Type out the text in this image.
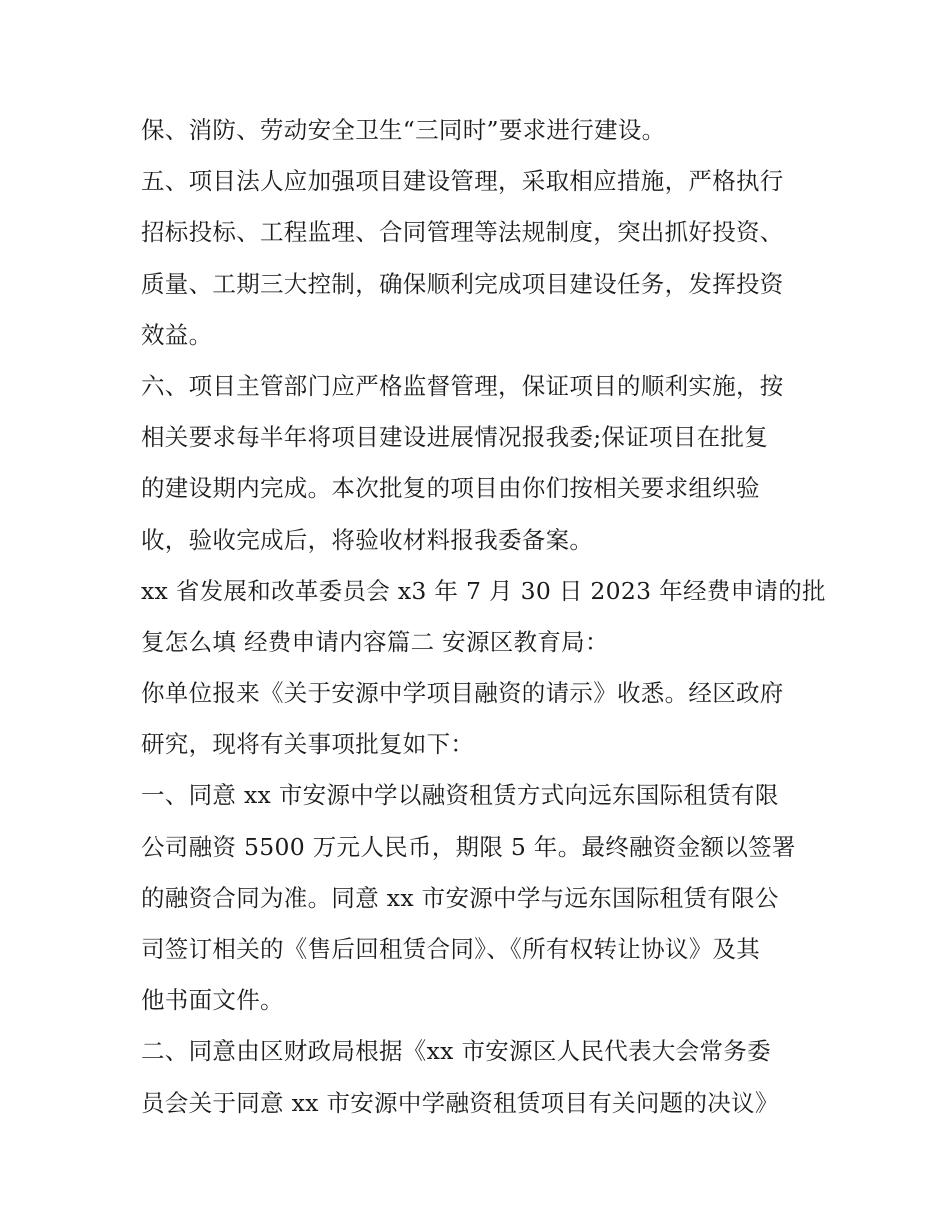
保、消防、劳动安全卫生“三同时”要求进行建设。
五、项目法人应加强项目建设管理，采取相应措施，严格执行
招标投标、工程监理、合同管理等法规制度，突出抓好投资、
质量、工期三大控制，确保顺利完成项目建设任务，发挥投资
效益。
六、项目主管部门应严格监督管理，保证项目的顺利实施，按
相关要求每半年将项目建设进展情况报我委;保证项目在批复
的建设期内完成。本次批复的项目由你们按相关要求组织验
收，验收完成后，将验收材料报我委备案。
xx 省发展和改革委员会 x3 年 7 月 30 日 2023 年经费申请的批
复怎么填 经费申请内容篇二 安源区教育局：
你单位报来《关于安源中学项目融资的请示》收悉。经区政府
研究，现将有关事项批复如下：
一、同意 xx 市安源中学以融资租赁方式向远东国际租赁有限
公司融资 5500 万元人民币，期限 5 年。最终融资金额以签署
的融资合同为准。同意 xx 市安源中学与远东国际租赁有限公
司签订相关的《售后回租赁合同》、《所有权转让协议》及其
他书面文件。
二、同意由区财政局根据《xx 市安源区人民代表大会常务委
员会关于同意 xx 市安源中学融资租赁项目有关问题的决议》
